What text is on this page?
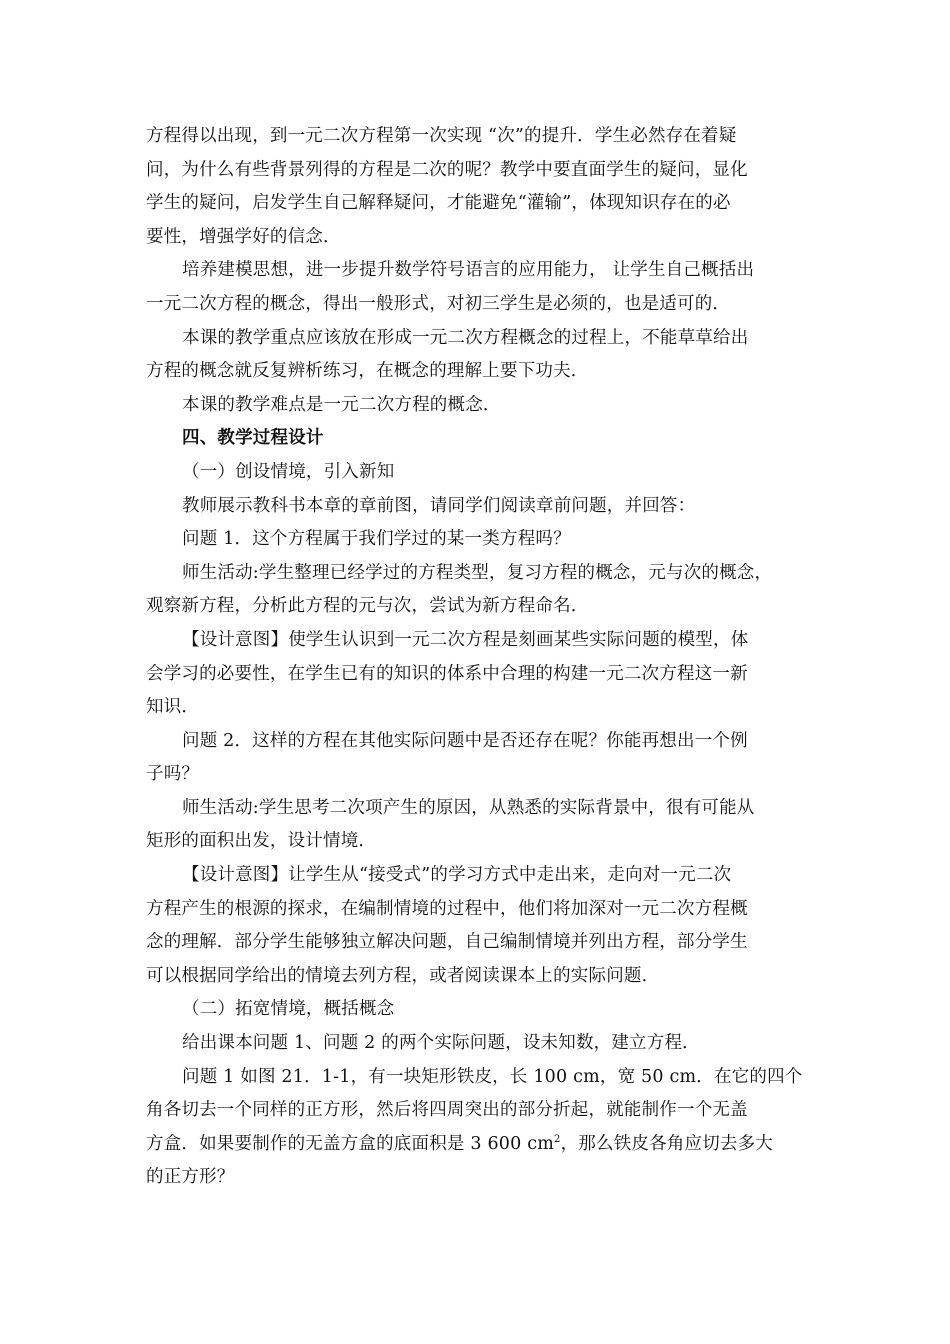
方程得以出现，到一元二次方程第一次实现 “次”的提升．学生必然存在着疑
问，为什么有些背景列得的方程是二次的呢？教学中要直面学生的疑问，显化
学生的疑问，启发学生自己解释疑问，才能避免“灌输”，体现知识存在的必
要性，增强学好的信念．
培养建模思想，进一步提升数学符号语言的应用能力， 让学生自己概括出
一元二次方程的概念，得出一般形式，对初三学生是必须的，也是适可的．
本课的教学重点应该放在形成一元二次方程概念的过程上，不能草草给出
方程的概念就反复辨析练习，在概念的理解上要下功夫．
本课的教学难点是一元二次方程的概念．
四、教学过程设计
（一）创设情境，引入新知
教师展示教科书本章的章前图，请同学们阅读章前问题，并回答：
问题 1．这个方程属于我们学过的某一类方程吗？
师生活动:学生整理已经学过的方程类型，复习方程的概念，元与次的概念，
观察新方程，分析此方程的元与次，尝试为新方程命名．
【设计意图】使学生认识到一元二次方程是刻画某些实际问题的模型，体
会学习的必要性，在学生已有的知识的体系中合理的构建一元二次方程这一新
知识．
问题 2．这样的方程在其他实际问题中是否还存在呢？你能再想出一个例
子吗？
师生活动:学生思考二次项产生的原因，从熟悉的实际背景中，很有可能从
矩形的面积出发，设计情境．
【设计意图】让学生从“接受式”的学习方式中走出来，走向对一元二次
方程产生的根源的探求，在编制情境的过程中，他们将加深对一元二次方程概
念的理解．部分学生能够独立解决问题，自己编制情境并列出方程，部分学生
可以根据同学给出的情境去列方程，或者阅读课本上的实际问题．
（二）拓宽情境，概括概念
给出课本问题 1、问题 2 的两个实际问题，设未知数，建立方程．
问题 1 如图 21．1-1，有一块矩形铁皮，长 100 cm，宽 50 cm．在它的四个
角各切去一个同样的正方形，然后将四周突出的部分折起，就能制作一个无盖
方盒．如果要制作的无盖方盒的底面积是 3 600 $cm^2$，那么铁皮各角应切去多大
的正方形？
